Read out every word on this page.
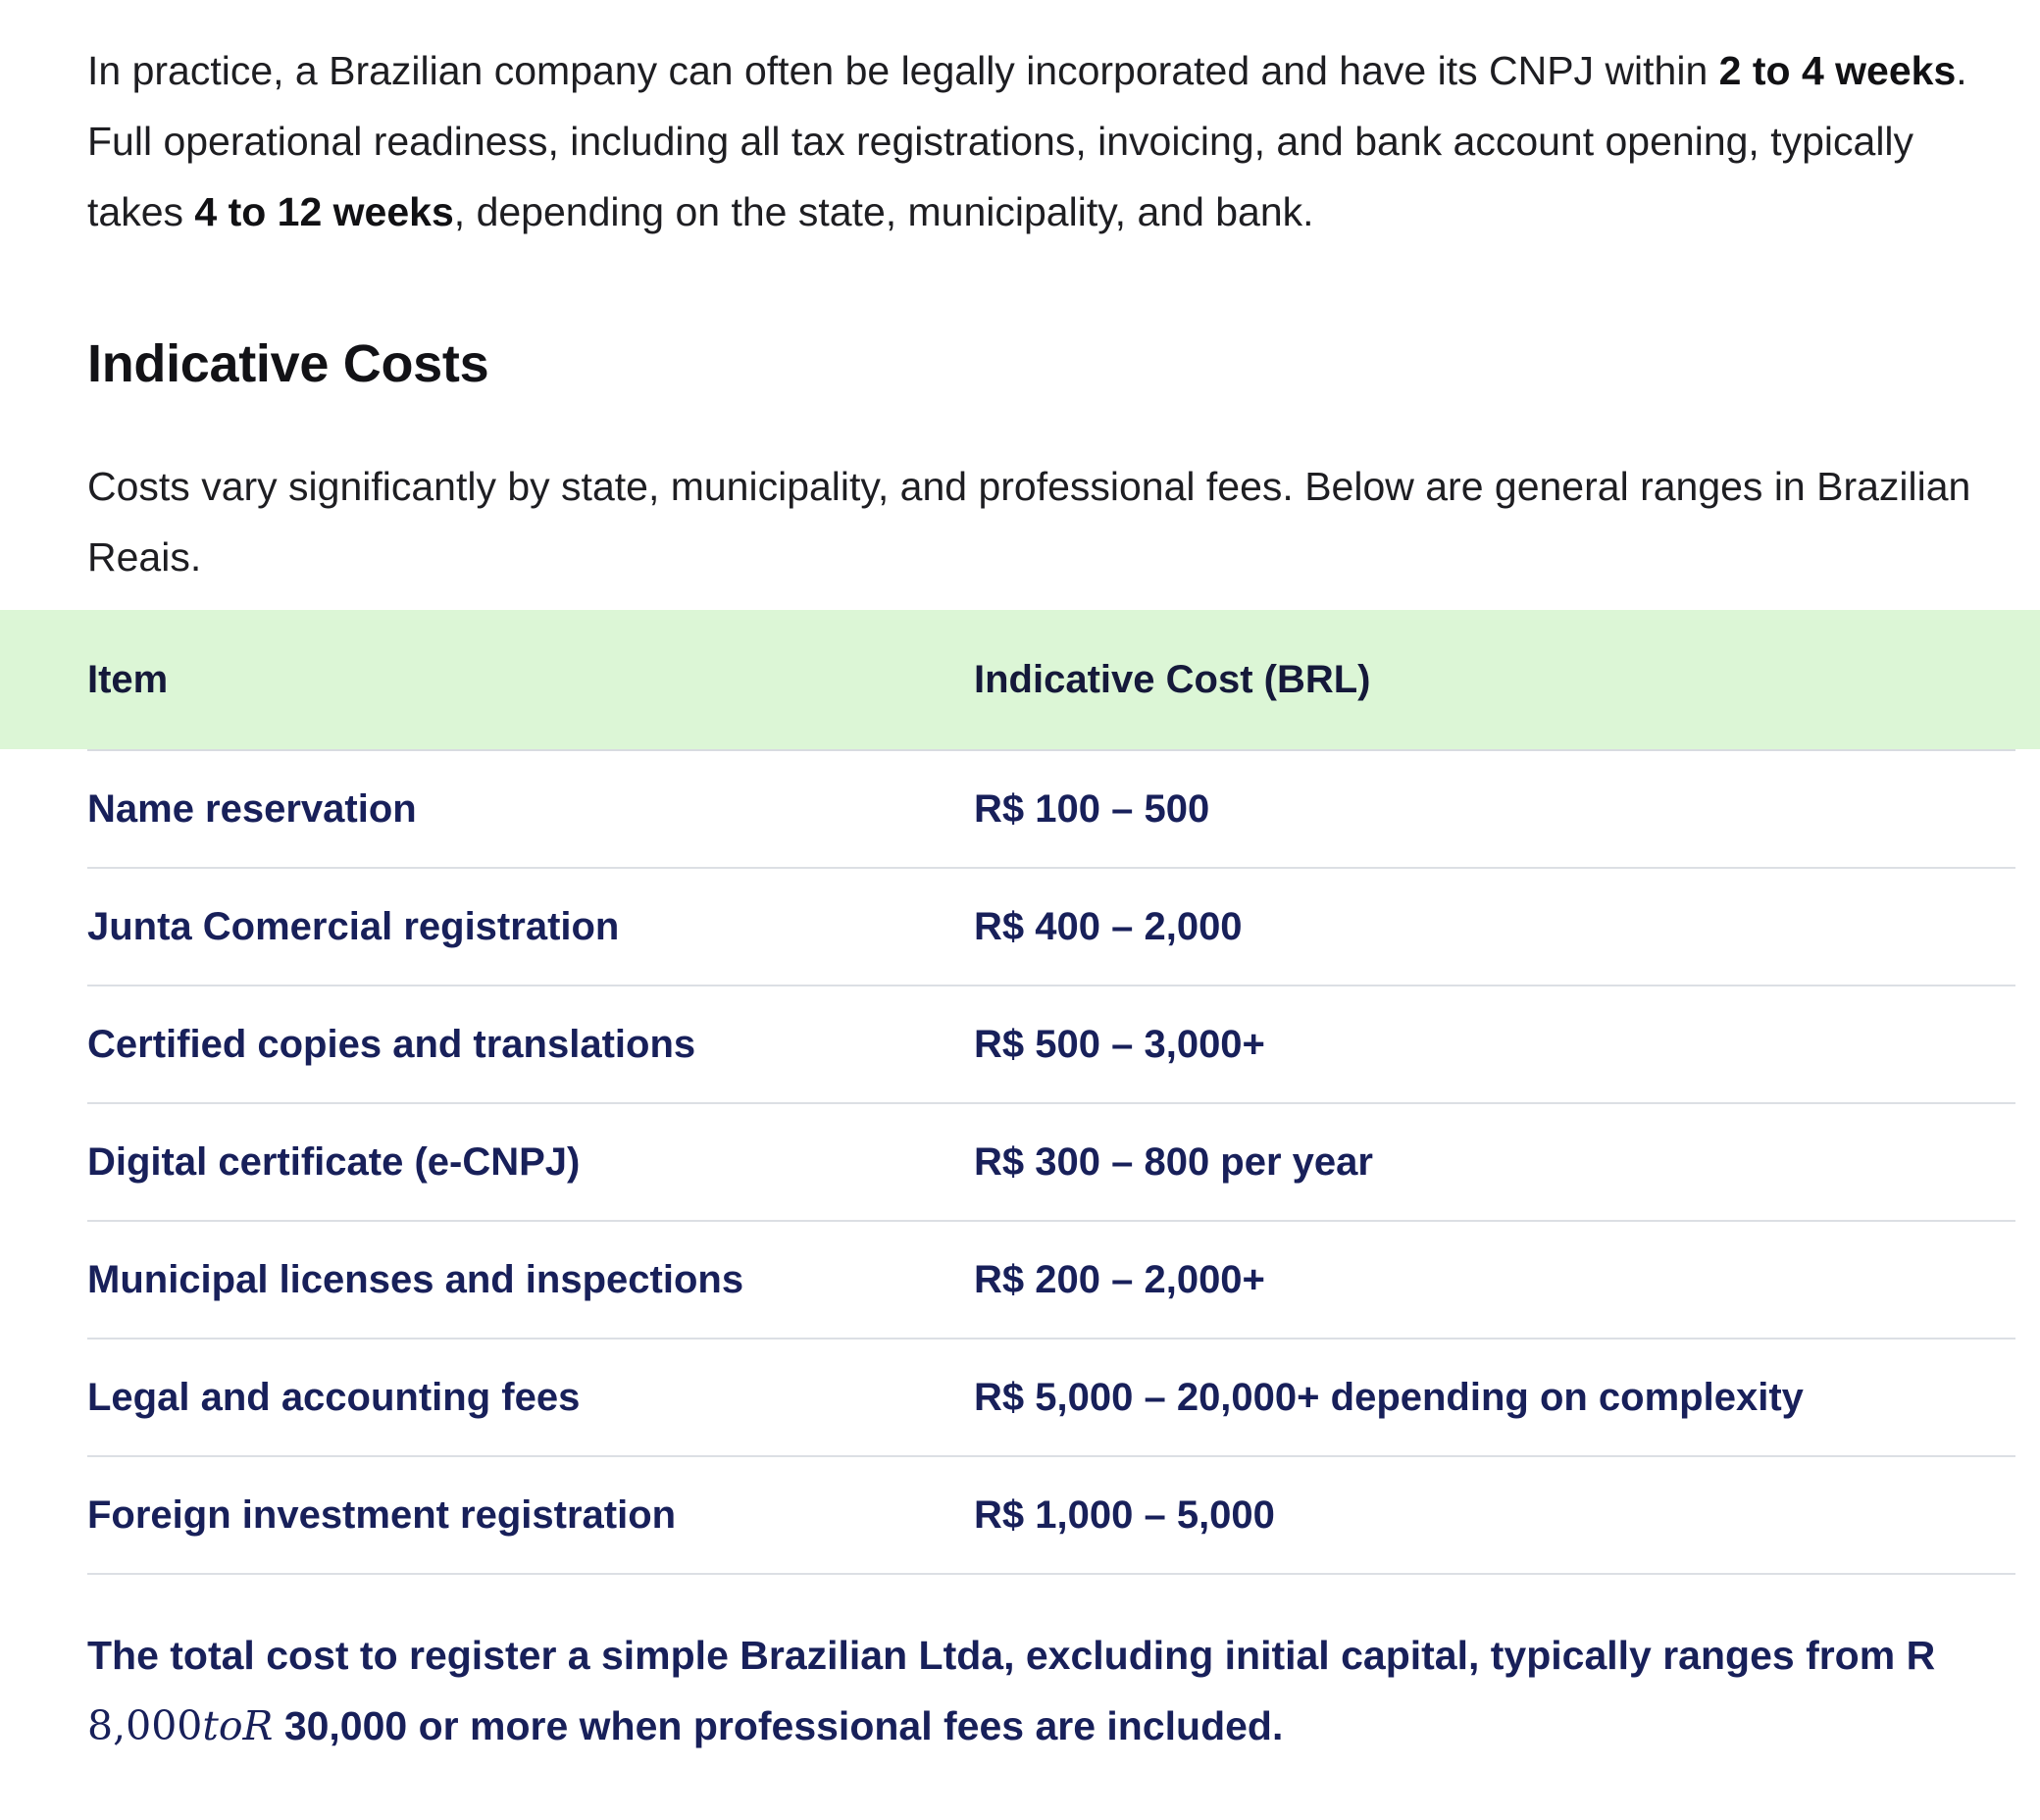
In practice, a Brazilian company can often be legally incorporated and have its CNPJ within 2 to 4 weeks. Full operational readiness, including all tax registrations, invoicing, and bank account opening, typically takes 4 to 12 weeks, depending on the state, municipality, and bank.

Indicative Costs

Costs vary significantly by state, municipality, and professional fees. Below are general ranges in Brazilian Reais.

Item	Indicative Cost (BRL)
Name reservation	R$ 100 – 500
Junta Comercial registration	R$ 400 – 2,000
Certified copies and translations	R$ 500 – 3,000+
Digital certificate (e-CNPJ)	R$ 300 – 800 per year
Municipal licenses and inspections	R$ 200 – 2,000+
Legal and accounting fees	R$ 5,000 – 20,000+ depending on complexity
Foreign investment registration	R$ 1,000 – 5,000

The total cost to register a simple Brazilian Ltda, excluding initial capital, typically ranges from R
8,000toR 30,000 or more when professional fees are included.
